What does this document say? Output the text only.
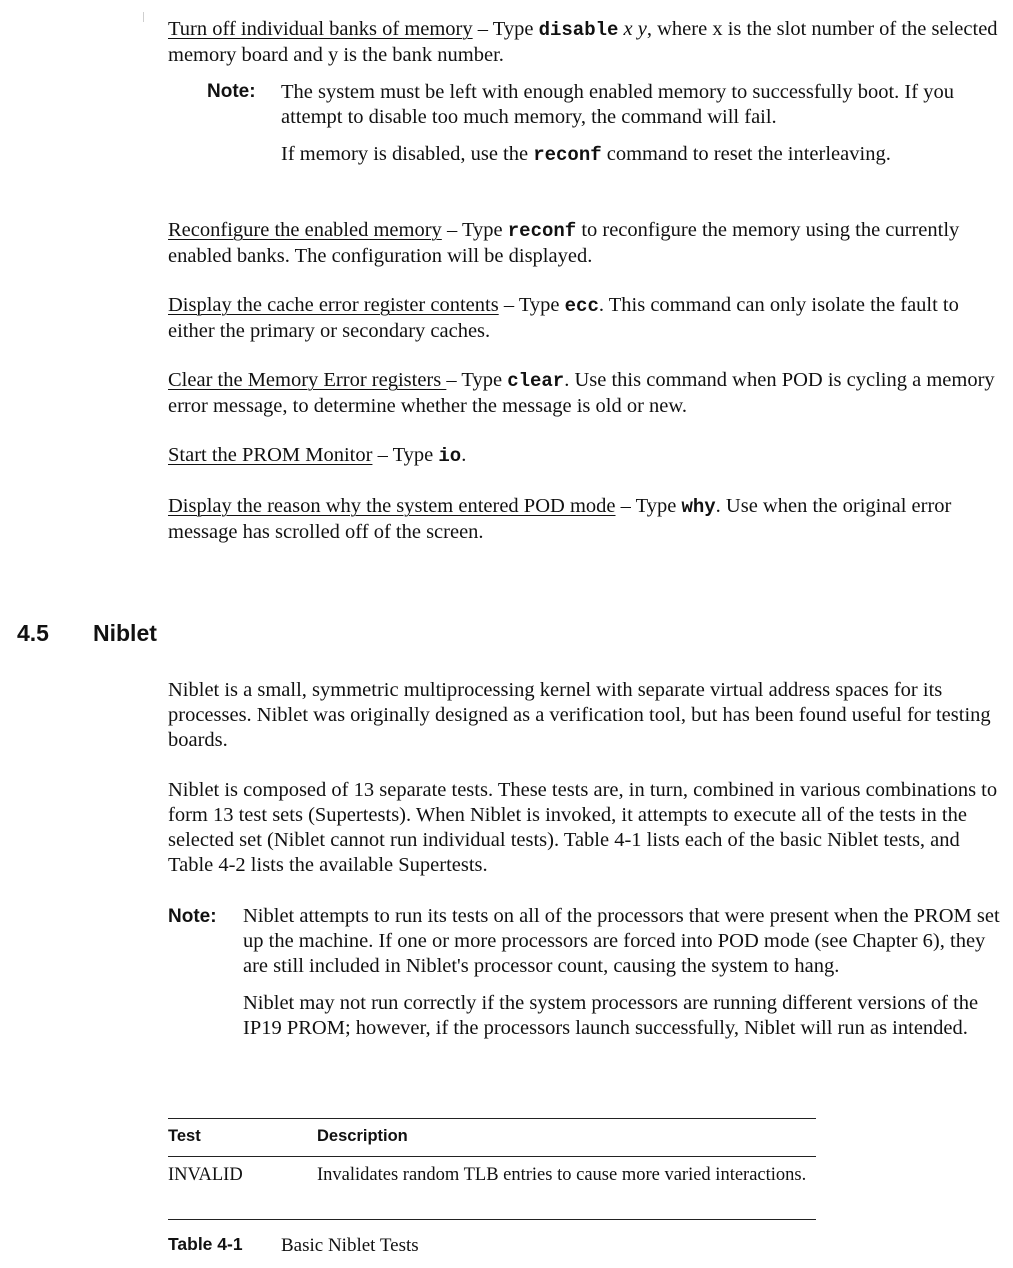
Turn off individual banks of memory – Type disable x y, where x is the slot number of the selected memory board and y is the bank number.

Note: The system must be left with enough enabled memory to successfully boot. If you attempt to disable too much memory, the command will fail.

If memory is disabled, use the reconf command to reset the interleaving.

Reconfigure the enabled memory – Type reconf to reconfigure the memory using the currently enabled banks. The configuration will be displayed.

Display the cache error register contents – Type ecc. This command can only isolate the fault to either the primary or secondary caches.

Clear the Memory Error registers – Type clear. Use this command when POD is cycling a memory error message, to determine whether the message is old or new.

Start the PROM Monitor – Type io.

Display the reason why the system entered POD mode – Type why. Use when the original error message has scrolled off of the screen.

4.5 Niblet

Niblet is a small, symmetric multiprocessing kernel with separate virtual address spaces for its processes. Niblet was originally designed as a verification tool, but has been found useful for testing boards.

Niblet is composed of 13 separate tests. These tests are, in turn, combined in various combinations to form 13 test sets (Supertests). When Niblet is invoked, it attempts to execute all of the tests in the selected set (Niblet cannot run individual tests). Table 4-1 lists each of the basic Niblet tests, and Table 4-2 lists the available Supertests.

Note: Niblet attempts to run its tests on all of the processors that were present when the PROM set up the machine. If one or more processors are forced into POD mode (see Chapter 6), they are still included in Niblet's processor count, causing the system to hang.

Niblet may not run correctly if the system processors are running different versions of the IP19 PROM; however, if the processors launch successfully, Niblet will run as intended.

Test	Description
INVALID	Invalidates random TLB entries to cause more varied interactions.
Table 4-1 Basic Niblet Tests
